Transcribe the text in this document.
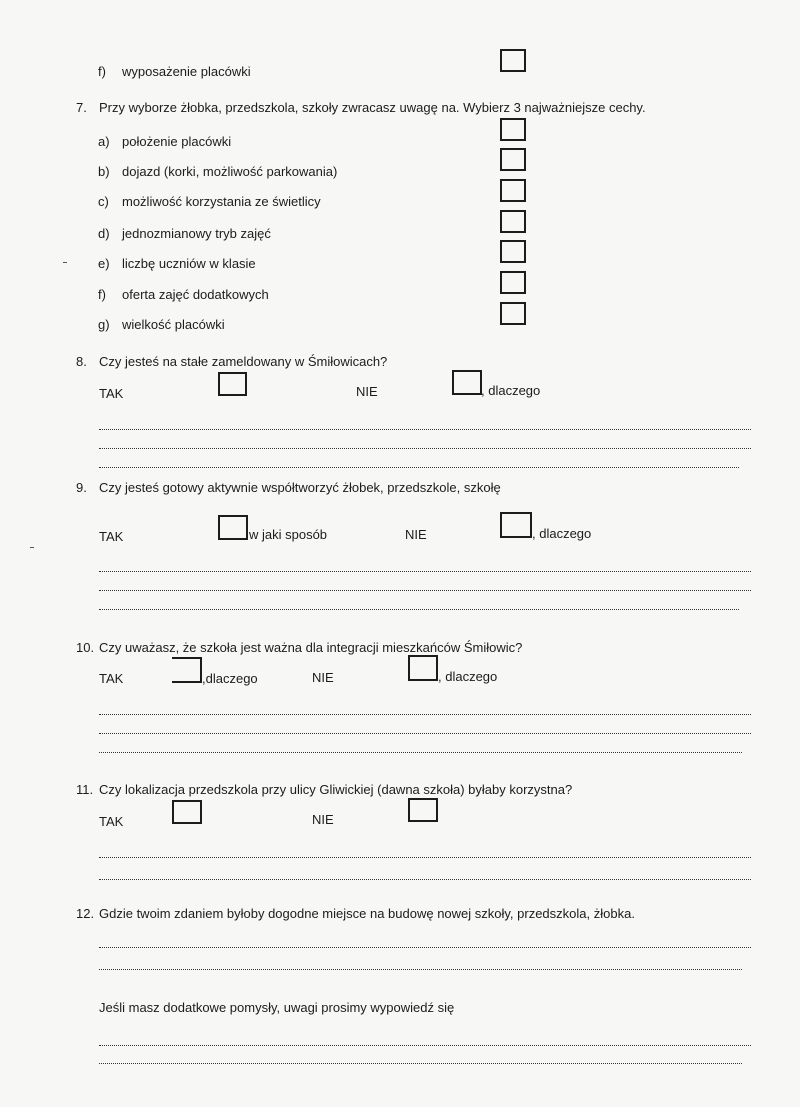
f) wyposażenie placówki
7. Przy wyborze żłobka, przedszkola, szkoły zwracasz uwagę na. Wybierz 3 najważniejsze cechy.
a) położenie placówki
b) dojazd (korki, możliwość parkowania)
c) możliwość korzystania ze świetlicy
d) jednozmianowy tryb zajęć
e) liczbę uczniów w klasie
f) oferta zajęć dodatkowych
g) wielkość placówki
8. Czy jesteś na stałe zameldowany w Śmiłowicach?
TAK	NIE	, dlaczego
9. Czy jesteś gotowy aktywnie współtworzyć żłobek, przedszkole, szkołę
TAK	w jaki sposób	NIE	, dlaczego
10. Czy uważasz, że szkoła jest ważna dla integracji mieszkańców Śmiłowic?
TAK	,dlaczego	NIE	, dlaczego
11. Czy lokalizacja przedszkola przy ulicy Gliwickiej (dawna szkoła) byłaby korzystna?
TAK	NIE
12. Gdzie twoim zdaniem byłoby dogodne miejsce na budowę nowej szkoły, przedszkola, żłobka.
Jeśli masz dodatkowe pomysły, uwagi prosimy wypowiedź się
